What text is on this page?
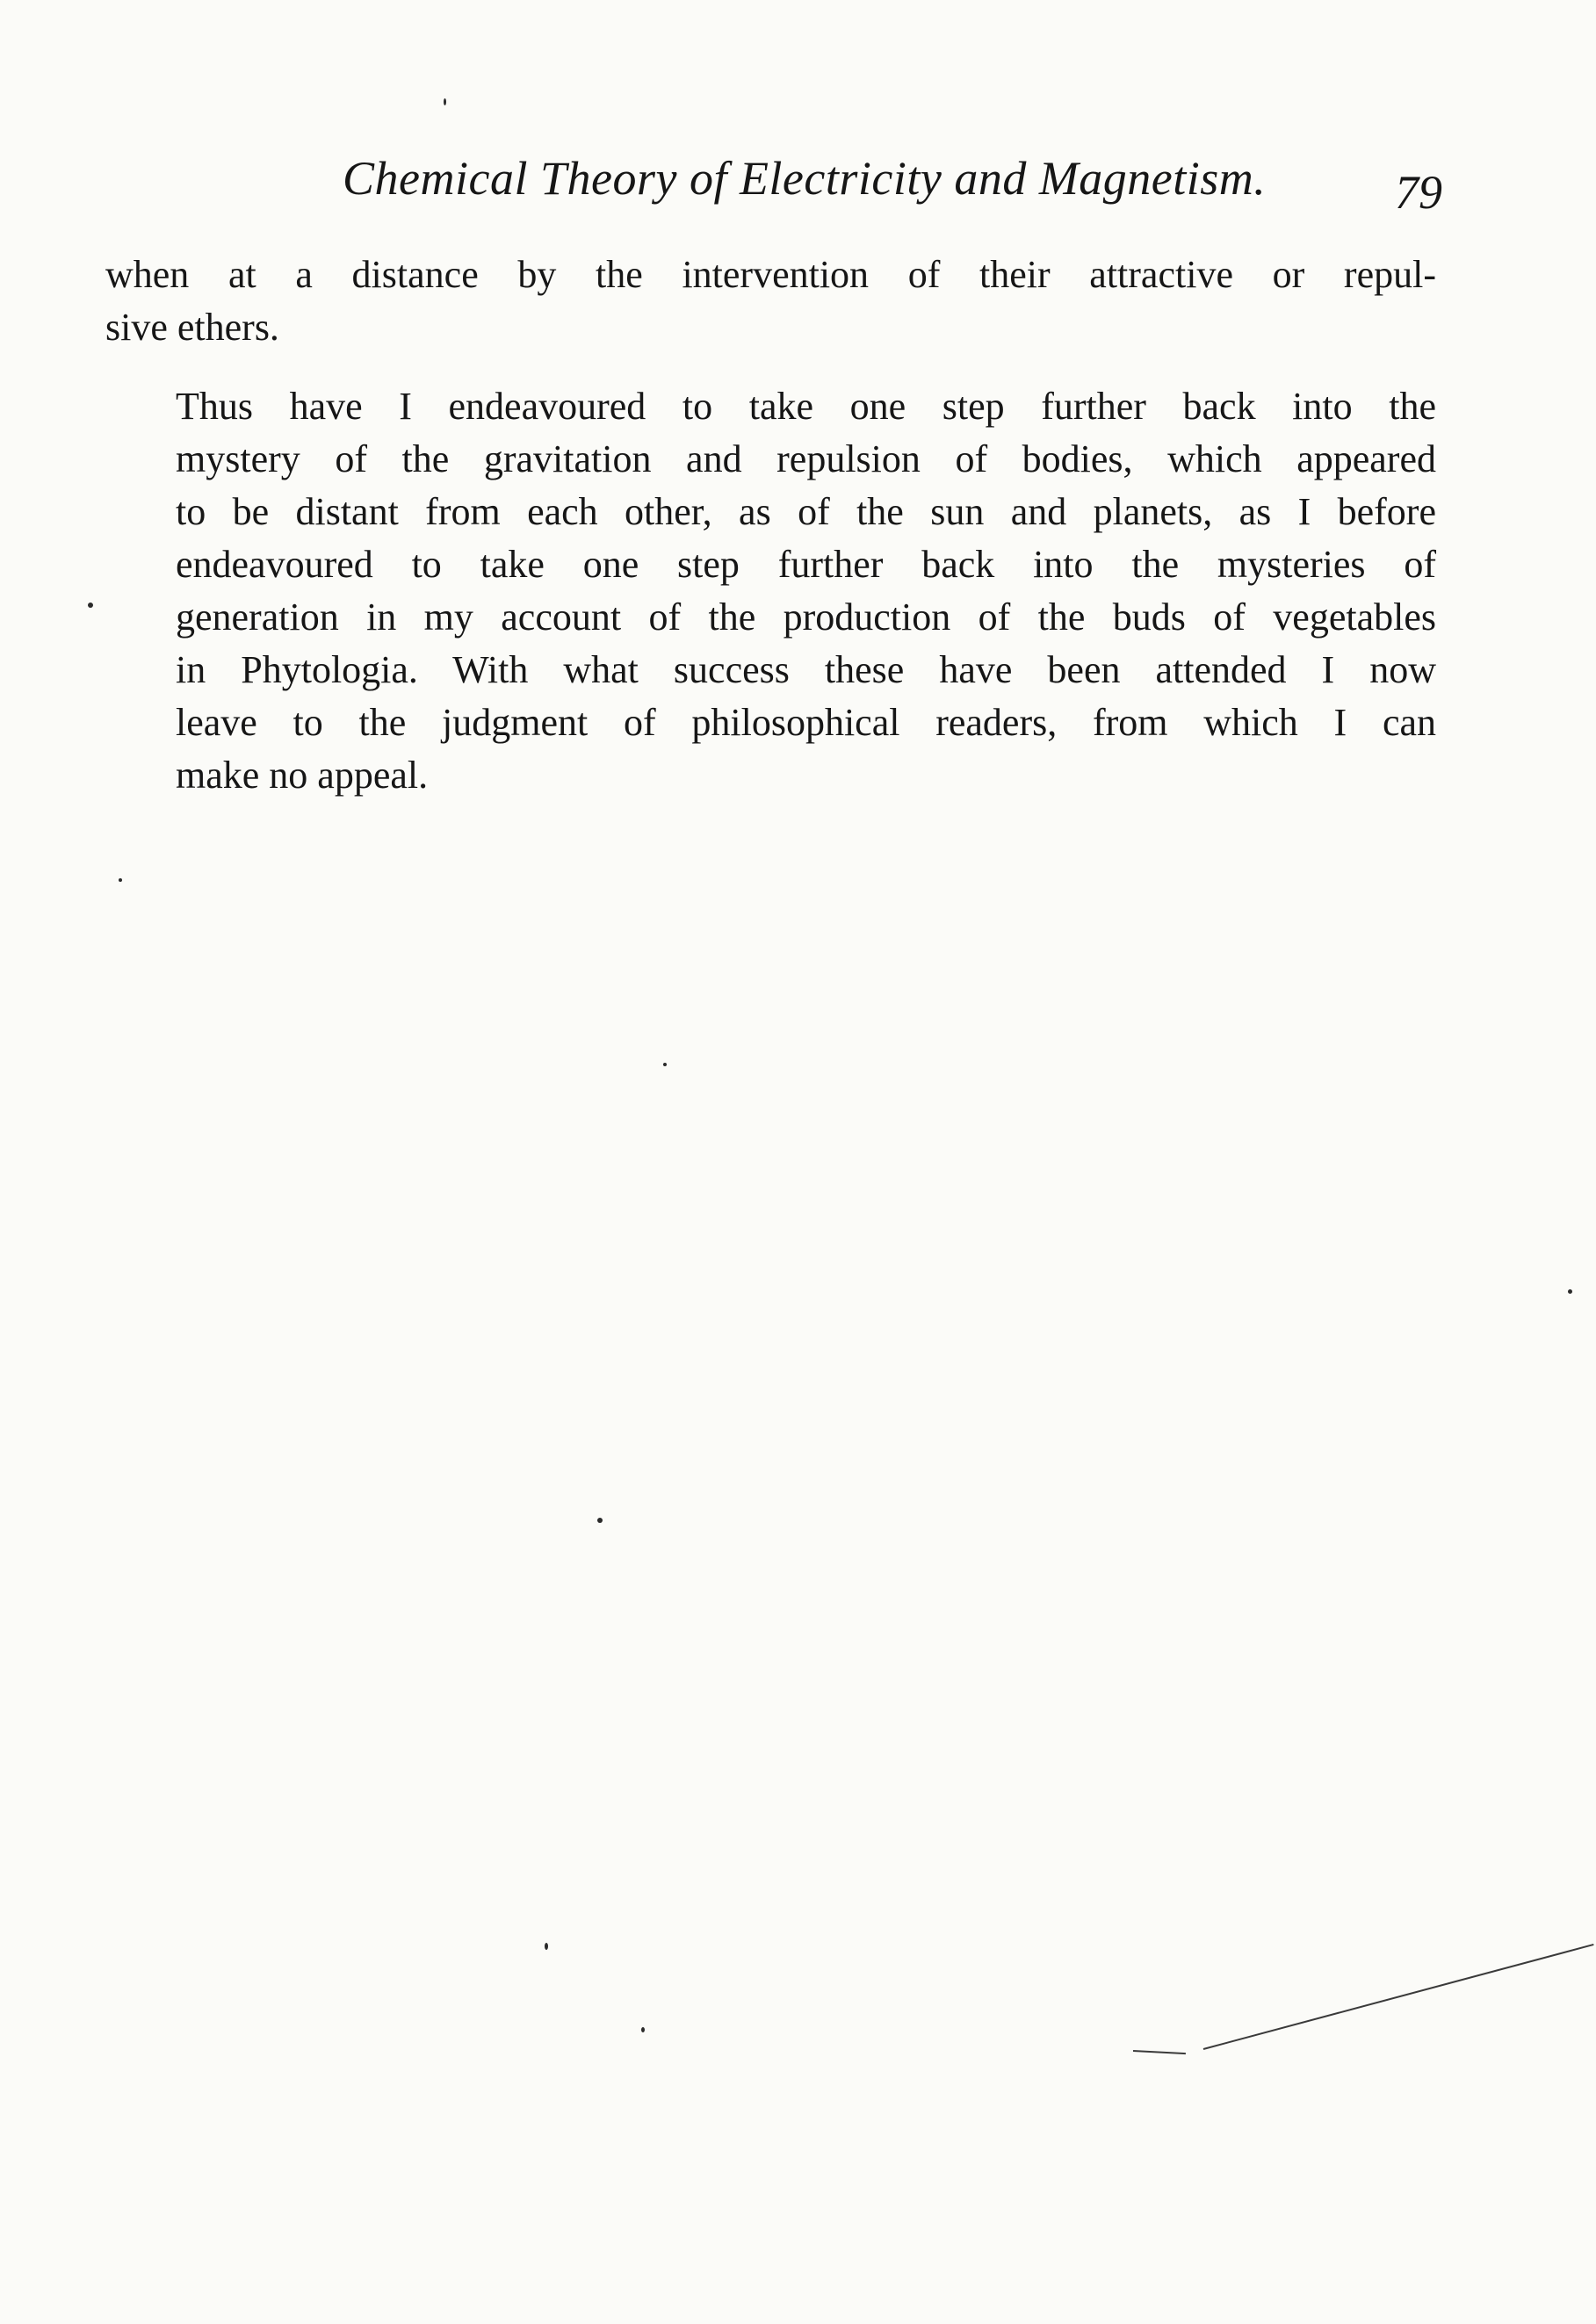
Chemical Theory of Electricity and Magnetism.	79

when at a distance by the intervention of their attractive or repul-
sive ethers.

Thus have I endeavoured to take one step further back into the
mystery of the gravitation and repulsion of bodies, which appeared
to be distant from each other, as of the sun and planets, as I before
endeavoured to take one step further back into the mysteries of
generation in my account of the production of the buds of vegetables
in Phytologia. With what success these have been attended I now
leave to the judgment of philosophical readers, from which I can
make no appeal.
